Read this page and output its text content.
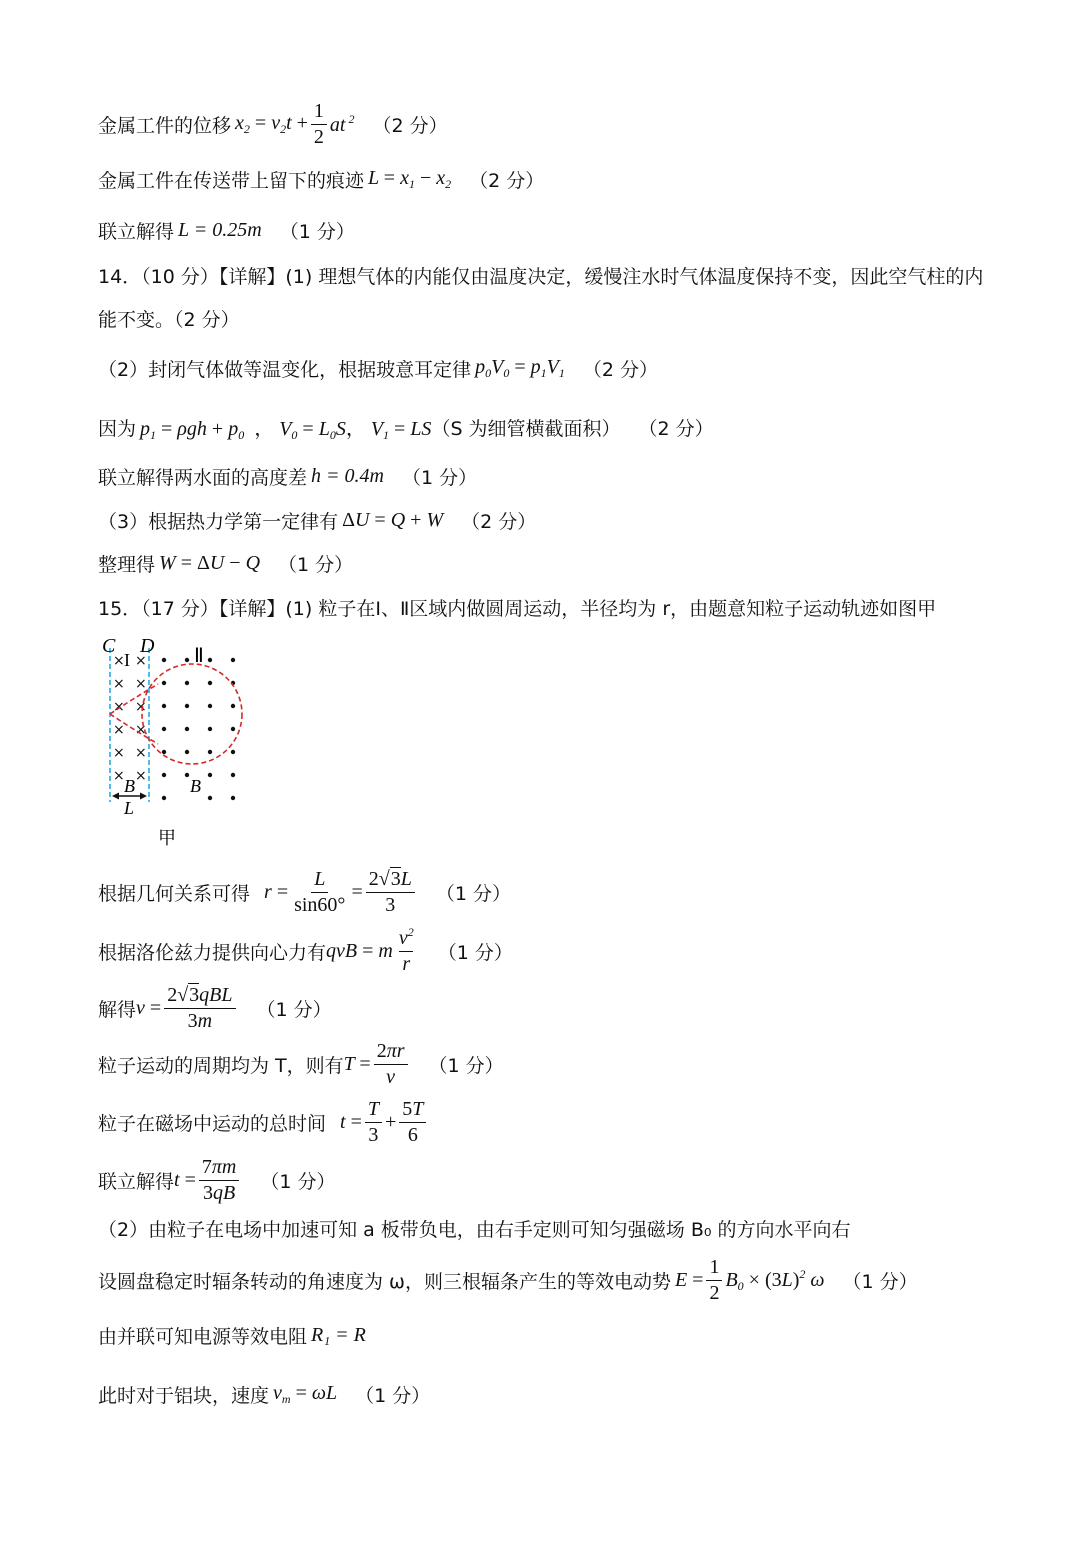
金属工件的位移 $x_2 = v_2t + \frac{1}{2}$ at $^2$ （2 分）
金属工件在传送带上留下的痕迹 $L = x_1 - x_2$ （2 分）
联立解得 L = 0.25m （1 分）
14．（10 分）【详解】(1) 理想气体的内能仅由温度决定，缓慢注水时气体温度保持不变，因此空气柱的内
能不变。（2 分）
（2）封闭气体做等温变化，根据玻意耳定律 $p_0V_0 = p_1V_1$ （2 分）
因为 $p_1 = \rho gh + p_0$  ， $V_0 = L_0S$， $V_1$ = LS （S 为细管横截面积） （2 分）
联立解得两水面的高度差 h = 0.4m （1 分）
（3）根据热力学第一定律有 ΔU = Q + W （2 分）
整理得 W = ΔU − Q （1 分）
15．（17 分）【详解】(1) 粒子在Ⅰ、Ⅱ区域内做圆周运动，半径均为 r，由题意知粒子运动轨迹如图甲
× ×
× ×
× ×
× ×
× ×
× ×
C D
I	Ⅱ
B	B
L
甲
根据几何关系可得 $r = \frac{L}{\sin 60^\circ} = \frac{2√3L}{3} (1$ 分）
根据洛伦兹力提供向心力有 qvB = m $\frac{v^2}{r} (1$ 分）
解得 $v = \frac{\text{2√3qBL}}{3m} (1$ 分）
粒子运动的周期均为 T，则有 $T = \frac{2\pi r}{v} (1$ 分）
粒子在磁场中运动的总时间 $t = \frac{T}{3} + \frac{5T}{6}$
联立解得 $t = \frac{7\pi m}{3qB} (1$ 分）
（2）由粒子在电场中加速可知 a 板带负电，由右手定则可知匀强磁场 B₀ 的方向水平向右
设圆盘稳定时辐条转动的角速度为 ω，则三根辐条产生的等效电动势 $E = \frac{1}{2} B_0 \times (3L)^2$ ω （1 分）
由并联可知电源等效电阻 R₁ = R
此时对于铝块，速度 $v_m = \omega L$ （1 分）
